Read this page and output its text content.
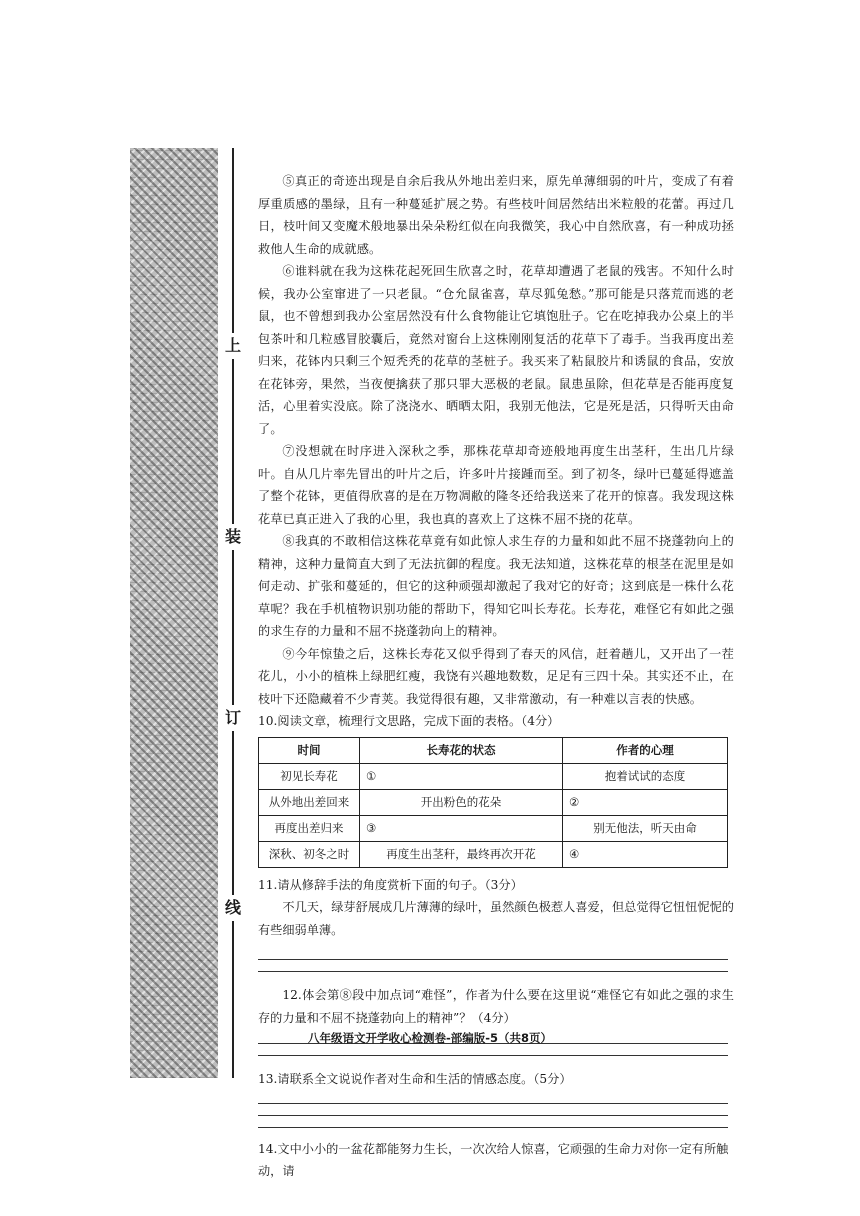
上
装
订
线

⑤真正的奇迹出现是自余后我从外地出差归来，原先单薄细弱的叶片，变成了有着厚重质感的墨绿，且有一种蔓延扩展之势。有些枝叶间居然结出米粒般的花蕾。再过几日，枝叶间又变魔术般地暴出朵朵粉红似在向我微笑，我心中自然欣喜，有一种成功拯救他人生命的成就感。

⑥谁料就在我为这株花起死回生欣喜之时，花草却遭遇了老鼠的残害。不知什么时候，我办公室窜进了一只老鼠。“仓允鼠雀喜，草尽狐兔愁。”那可能是只落荒而逃的老鼠，也不曾想到我办公室居然没有什么食物能让它填饱肚子。它在吃掉我办公桌上的半包茶叶和几粒感冒胶囊后，竟然对窗台上这株刚刚复活的花草下了毒手。当我再度出差归来，花钵内只剩三个短秃秃的花草的茎桩子。我买来了粘鼠胶片和诱鼠的食品，安放在花钵旁，果然，当夜便擒获了那只罪大恶极的老鼠。鼠患虽除，但花草是否能再度复活，心里着实没底。除了浇浇水、晒晒太阳，我别无他法，它是死是活，只得听天由命了。

⑦没想就在时序进入深秋之季，那株花草却奇迹般地再度生出茎秆，生出几片绿叶。自从几片率先冒出的叶片之后，许多叶片接踵而至。到了初冬，绿叶已蔓延得遮盖了整个花钵，更值得欣喜的是在万物凋敝的隆冬还给我送来了花开的惊喜。我发现这株花草已真正进入了我的心里，我也真的喜欢上了这株不屈不挠的花草。

⑧我真的不敢相信这株花草竟有如此惊人求生存的力量和如此不屈不挠蓬勃向上的精神，这种力量简直大到了无法抗御的程度。我无法知道，这株花草的根茎在泥里是如何走动、扩张和蔓延的，但它的这种顽强却激起了我对它的好奇；这到底是一株什么花草呢？我在手机植物识别功能的帮助下，得知它叫长寿花。长寿花，难怪它有如此之强的求生存的力量和不屈不挠蓬勃向上的精神。

⑨今年惊蛰之后，这株长寿花又似乎得到了春天的风信，赶着趟儿，又开出了一茬花儿，小小的植株上绿肥红瘦，我饶有兴趣地数数，足足有三四十朵。其实还不止，在枝叶下还隐藏着不少青荚。我觉得很有趣，又非常激动，有一种难以言表的快感。

10.阅读文章，梳理行文思路，完成下面的表格。（4分）

时间	长寿花的状态	作者的心理
初见长寿花	①	抱着试试的态度
从外地出差回来	开出粉色的花朵	②
再度出差归来	③	别无他法，听天由命
深秋、初冬之时	再度生出茎秆，最终再次开花	④

11.请从修辞手法的角度赏析下面的句子。（3分）

不几天，绿芽舒展成几片薄薄的绿叶，虽然颜色极惹人喜爱，但总觉得它忸忸怩怩的有些细弱单薄。

12.体会第⑧段中加点词“难怪”，作者为什么要在这里说“难怪它有如此之强的求生存的力量和不屈不挠蓬勃向上的精神”？（4分）

13.请联系全文说说作者对生命和生活的情感态度。（5分）

14.文中小小的一盆花都能努力生长，一次次给人惊喜，它顽强的生命力对你一定有所触动，请

八年级语文开学收心检测卷-部编版-5（共8页）
